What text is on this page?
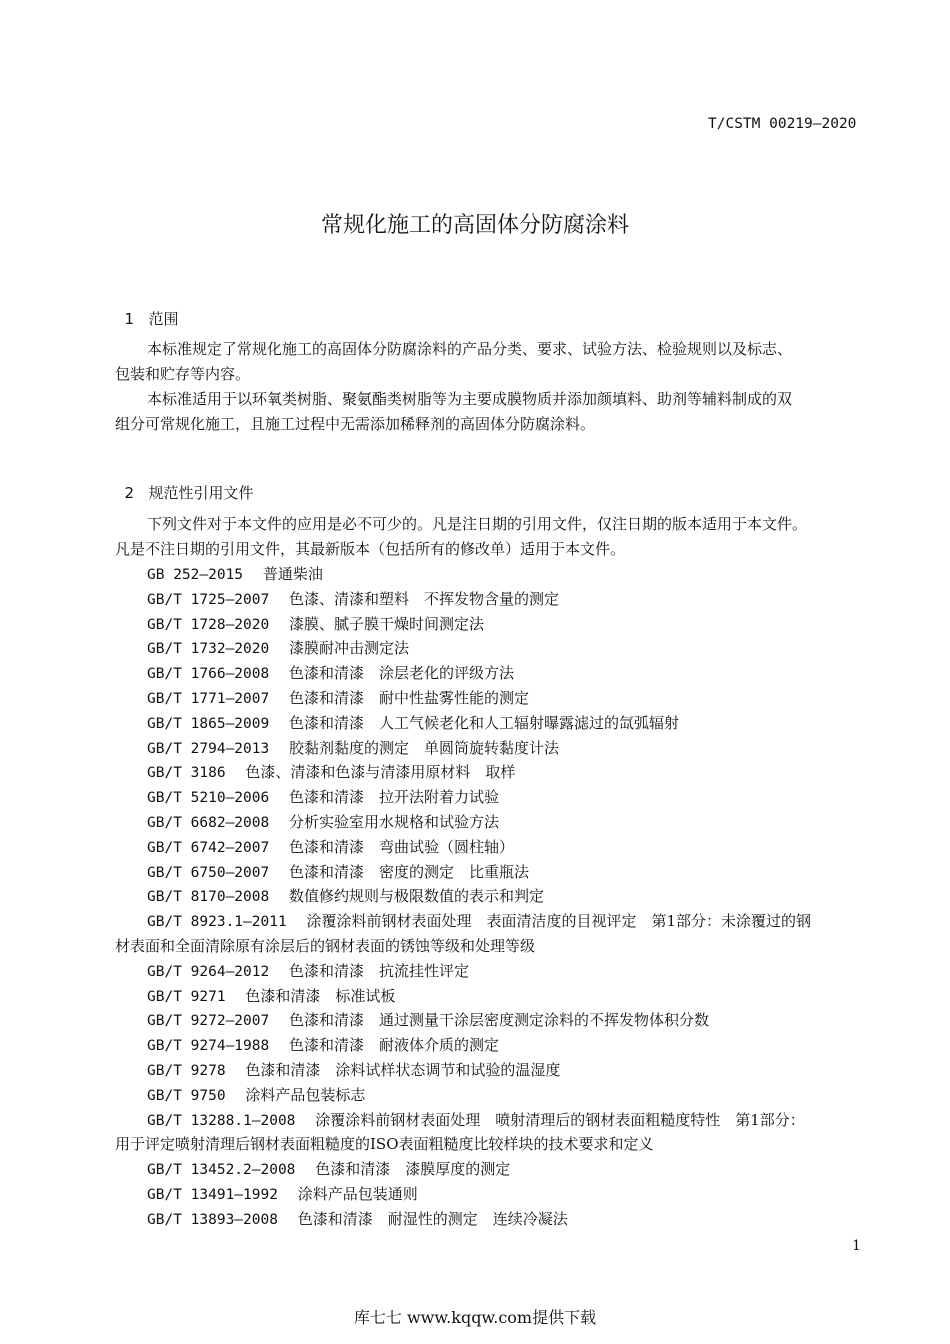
T/CSTM 00219—2020
常规化施工的高固体分防腐涂料

1 范围

本标准规定了常规化施工的高固体分防腐涂料的产品分类、要求、试验方法、检验规则以及标志、
包装和贮存等内容。
本标准适用于以环氧类树脂、聚氨酯类树脂等为主要成膜物质并添加颜填料、助剂等辅料制成的双
组分可常规化施工，且施工过程中无需添加稀释剂的高固体分防腐涂料。

2 规范性引用文件

下列文件对于本文件的应用是必不可少的。凡是注日期的引用文件，仅注日期的版本适用于本文件。
凡是不注日期的引用文件，其最新版本（包括所有的修改单）适用于本文件。
GB 252—2015  普通柴油
GB/T 1725—2007  色漆、清漆和塑料　不挥发物含量的测定
GB/T 1728—2020  漆膜、腻子膜干燥时间测定法
GB/T 1732—2020  漆膜耐冲击测定法
GB/T 1766—2008  色漆和清漆　涂层老化的评级方法
GB/T 1771—2007  色漆和清漆　耐中性盐雾性能的测定
GB/T 1865—2009  色漆和清漆　人工气候老化和人工辐射曝露滤过的氙弧辐射
GB/T 2794—2013  胶黏剂黏度的测定　单圆筒旋转黏度计法
GB/T 3186  色漆、清漆和色漆与清漆用原材料　取样
GB/T 5210—2006  色漆和清漆　拉开法附着力试验
GB/T 6682—2008  分析实验室用水规格和试验方法
GB/T 6742—2007  色漆和清漆　弯曲试验（圆柱轴）
GB/T 6750—2007  色漆和清漆　密度的测定　比重瓶法
GB/T 8170—2008  数值修约规则与极限数值的表示和判定
GB/T 8923.1—2011  涂覆涂料前钢材表面处理　表面清洁度的目视评定　第1部分：未涂覆过的钢
材表面和全面清除原有涂层后的钢材表面的锈蚀等级和处理等级
GB/T 9264—2012  色漆和清漆　抗流挂性评定
GB/T 9271  色漆和清漆　标准试板
GB/T 9272—2007  色漆和清漆　通过测量干涂层密度测定涂料的不挥发物体积分数
GB/T 9274—1988  色漆和清漆　耐液体介质的测定
GB/T 9278  色漆和清漆　涂料试样状态调节和试验的温湿度
GB/T 9750  涂料产品包装标志
GB/T 13288.1—2008  涂覆涂料前钢材表面处理　喷射清理后的钢材表面粗糙度特性　第1部分：
用于评定喷射清理后钢材表面粗糙度的ISO表面粗糙度比较样块的技术要求和定义
GB/T 13452.2—2008  色漆和清漆　漆膜厚度的测定
GB/T 13491—1992  涂料产品包装通则
GB/T 13893—2008  色漆和清漆　耐湿性的测定　连续冷凝法
1
库七七 www.kqqw.com提供下载
